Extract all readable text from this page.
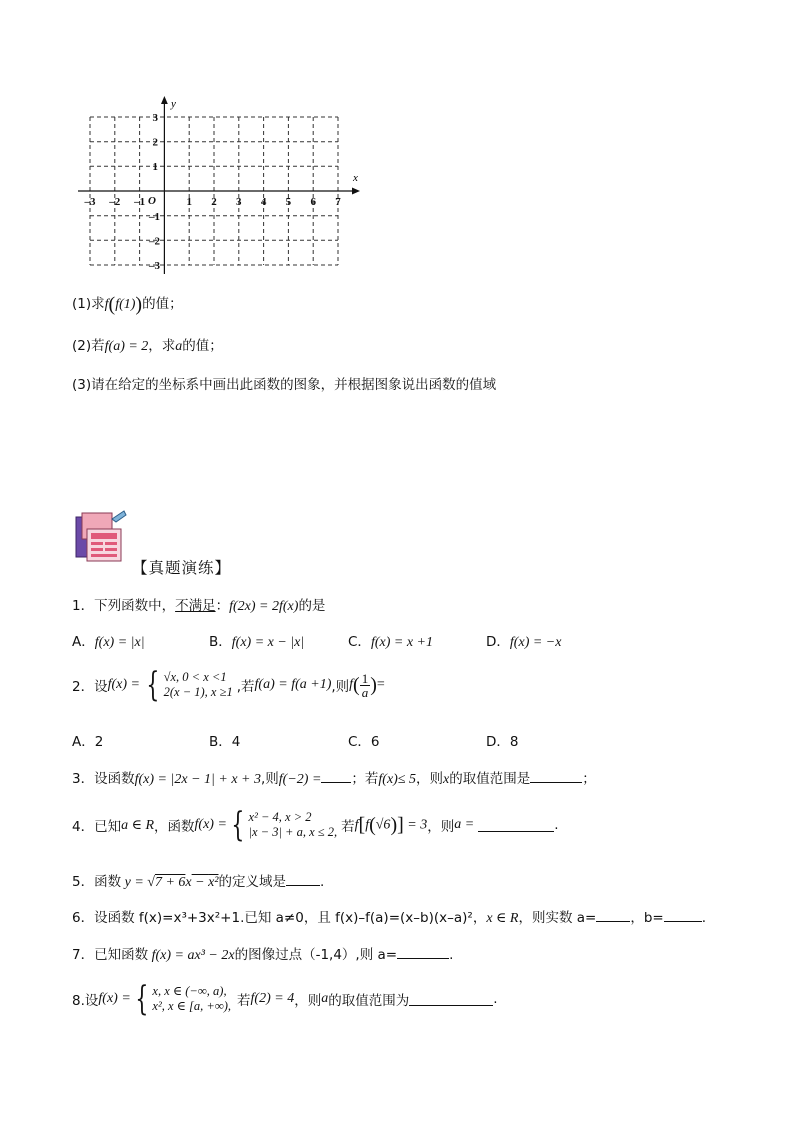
–3 –2 –1	1 2 3 4 5 6 7
3
2
1
–1
–2
–3
O
x
y
(1)求f(f(1))的值；
(2)若f(a) = 2，求a的值；
(3)请在给定的坐标系中画出此函数的图象，并根据图象说出函数的值域
【真题演练】
1．下列函数中，不满足：f(2x) = 2f(x)的是
A．f(x) = |x|	B．f(x) = x − |x|	C．f(x) = x +1	D．f(x) = −x
2．设 f(x) = { √x, 0 < x <1
2(x − 1), x ≥1 ,若 f(a) = f(a +1) ,则 f ( $\frac{1}{a}$ ) =
A．2	B．4	C．6	D．8
3．设函数f(x) = |2x − 1| + x + 3,则f(−2) = ；若f(x)≤ 5，则x的取值范围是	；
4．已知 a ∈ R ，函数 f(x) = { x² − 4, x > 2
|x − 3| + a, x ≤ 2, 若 f[f(√6)] = 3 ，则 a =	.
5．函数 y = √7 + 6x − x²的定义域是	.
6．设函数 f(x)=x³+3x²+1.已知 a≠0，且 f(x)–f(a)=(x–b)(x–a)²，x ∈ R，则实数 a=	，b=	.
7．已知函数 f(x) = ax³ − 2x的图像过点（-1,4）,则 a=	.
8.设 f(x) = { x, x ∈ (−∞, a),
x², x ∈ [a, +∞), 若 f(2) = 4 ，则 a 的取值范围为	.
